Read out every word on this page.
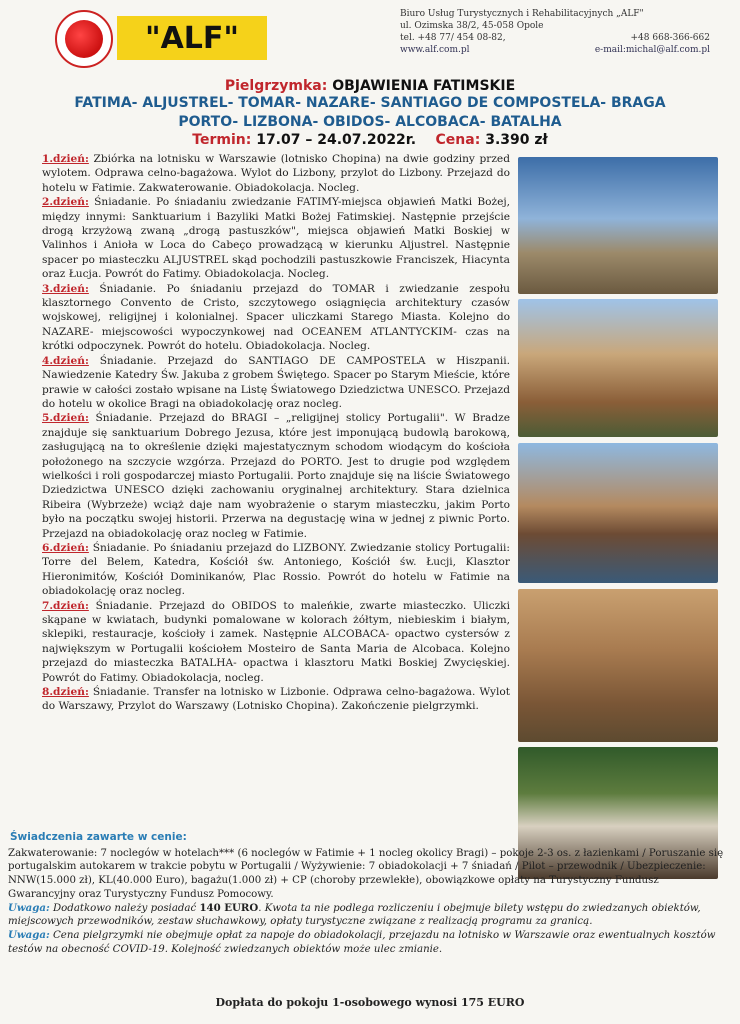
"ALF"
Biuro Usług Turystycznych i Rehabilitacyjnych „ALF"
ul. Ozimska 38/2, 45-058 Opole
tel. +48 77/ 454 08-82,	+48 668-366-662
www.alf.com.pl	e-mail:michal@alf.com.pl
Pielgrzymka: OBJAWIENIA FATIMSKIE
FATIMA- ALJUSTREL- TOMAR- NAZARE- SANTIAGO DE COMPOSTELA- BRAGA
PORTO- LIZBONA- OBIDOS- ALCOBACA- BATALHA
Termin: 17.07 – 24.07.2022r. Cena: 3.390 zł
1.dzień: Zbiórka na lotnisku w Warszawie (lotnisko Chopina) na dwie godziny przed wylotem. Odprawa celno-bagażowa. Wylot do Lizbony, przylot do Lizbony. Przejazd do hotelu w Fatimie. Zakwaterowanie. Obiadokolacja. Nocleg.
2.dzień: Śniadanie. Po śniadaniu zwiedzanie FATIMY-miejsca objawień Matki Bożej, między innymi: Sanktuarium i Bazyliki Matki Bożej Fatimskiej. Następnie przejście drogą krzyżową zwaną „drogą pastuszków", miejsca objawień Matki Boskiej w Valinhos i Anioła w Loca do Cabeço prowadzącą w kierunku Aljustrel. Następnie spacer po miasteczku ALJUSTREL skąd pochodzili pastuszkowie Franciszek, Hiacynta oraz Łucja. Powrót do Fatimy. Obiadokolacja. Nocleg.
3.dzień: Śniadanie. Po śniadaniu przejazd do TOMAR i zwiedzanie zespołu klasztornego Convento de Cristo, szczytowego osiągnięcia architektury czasów wojskowej, religijnej i kolonialnej. Spacer uliczkami Starego Miasta. Kolejno do NAZARE- miejscowości wypoczynkowej nad OCEANEM ATLANTYCKIM- czas na krótki odpoczynek. Powrót do hotelu. Obiadokolacja. Nocleg.
4.dzień: Śniadanie. Przejazd do SANTIAGO DE CAMPOSTELA w Hiszpanii. Nawiedzenie Katedry Św. Jakuba z grobem Świętego. Spacer po Starym Mieście, które prawie w całości zostało wpisane na Listę Światowego Dziedzictwa UNESCO. Przejazd do hotelu w okolice Bragi na obiadokolację oraz nocleg.
5.dzień: Śniadanie. Przejazd do BRAGI – „religijnej stolicy Portugalii". W Bradze znajduje się sanktuarium Dobrego Jezusa, które jest imponującą budowlą barokową, zasługującą na to określenie dzięki majestatycznym schodom wiodącym do kościoła położonego na szczycie wzgórza. Przejazd do PORTO. Jest to drugie pod względem wielkości i roli gospodarczej miasto Portugalii. Porto znajduje się na liście Światowego Dziedzictwa UNESCO dzięki zachowaniu oryginalnej architektury. Stara dzielnica Ribeira (Wybrzeże) wciąż daje nam wyobrażenie o starym miasteczku, jakim Porto było na początku swojej historii. Przerwa na degustację wina w jednej z piwnic Porto. Przejazd na obiadokolację oraz nocleg w Fatimie.
6.dzień: Śniadanie. Po śniadaniu przejazd do LIZBONY. Zwiedzanie stolicy Portugalii: Torre del Belem, Katedra, Kościół św. Antoniego, Kościół św. Łucji, Klasztor Hieronimitów, Kościół Dominikanów, Plac Rossio. Powrót do hotelu w Fatimie na obiadokolację oraz nocleg.
7.dzień: Śniadanie. Przejazd do OBIDOS to maleńkie, zwarte miasteczko. Uliczki skąpane w kwiatach, budynki pomalowane w kolorach żółtym, niebieskim i białym, sklepiki, restauracje, kościoły i zamek. Następnie ALCOBACA- opactwo cystersów z największym w Portugalii kościołem Mosteiro de Santa Maria de Alcobaca. Kolejno przejazd do miasteczka BATALHA- opactwa i klasztoru Matki Boskiej Zwycięskiej. Powrót do Fatimy. Obiadokolacja, nocleg.
8.dzień: Śniadanie. Transfer na lotnisko w Lizbonie. Odprawa celno-bagażowa. Wylot do Warszawy, Przylot do Warszawy (Lotnisko Chopina). Zakończenie pielgrzymki.
Świadczenia zawarte w cenie:
Zakwaterowanie: 7 noclegów w hotelach*** (6 noclegów w Fatimie + 1 nocleg okolicy Bragi) – pokoje 2-3 os. z łazienkami / Poruszanie się portugalskim autokarem w trakcie pobytu w Portugalii / Wyżywienie: 7 obiadokolacji + 7 śniadań / Pilot – przewodnik / Ubezpieczenie: NNW(15.000 zł), KL(40.000 Euro), bagażu(1.000 zł) + CP (choroby przewlekłe), obowiązkowe opłaty na Turystyczny Fundusz Gwarancyjny oraz Turystyczny Fundusz Pomocowy.
Uwaga: Dodatkowo należy posiadać 140 EURO. Kwota ta nie podlega rozliczeniu i obejmuje bilety wstępu do zwiedzanych obiektów, miejscowych przewodników, zestaw słuchawkowy, opłaty turystyczne związane z realizacją programu za granicą.
Uwaga: Cena pielgrzymki nie obejmuje opłat za napoje do obiadokolacji, przejazdu na lotnisko w Warszawie oraz ewentualnych kosztów testów na obecność COVID-19. Kolejność zwiedzanych obiektów może ulec zmianie.
Dopłata do pokoju 1-osobowego wynosi 175 EURO
